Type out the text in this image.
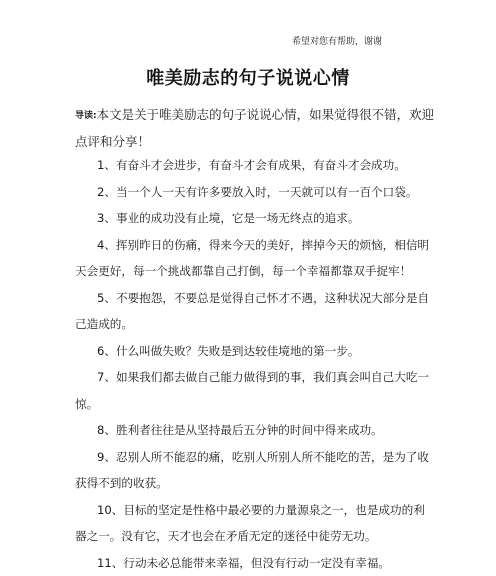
希望对您有帮助，谢谢
唯美励志的句子说说心情
导读:本文是关于唯美励志的句子说说心情，如果觉得很不错，欢迎点评和分享！

1、有奋斗才会进步，有奋斗才会有成果，有奋斗才会成功。

2、当一个人一天有许多要放入时，一天就可以有一百个口袋。

3、事业的成功没有止境，它是一场无终点的追求。

4、挥别昨日的伤痛，得来今天的美好，摔掉今天的烦恼，相信明天会更好，每一个挑战都靠自己打倒，每一个幸福都靠双手捉牢！

5、不要抱怨，不要总是觉得自己怀才不遇，这种状况大部分是自己造成的。

6、什么叫做失败？失败是到达较佳境地的第一步。

7、如果我们都去做自己能力做得到的事，我们真会叫自己大吃一惊。

8、胜利者往往是从坚持最后五分钟的时间中得来成功。

9、忍别人所不能忍的痛，吃别人所别人所不能吃的苦，是为了收获得不到的收获。

10、目标的坚定是性格中最必要的力量源泉之一，也是成功的利器之一。没有它，天才也会在矛盾无定的迷径中徒劳无功。

11、行动未必总能带来幸福，但没有行动一定没有幸福。
